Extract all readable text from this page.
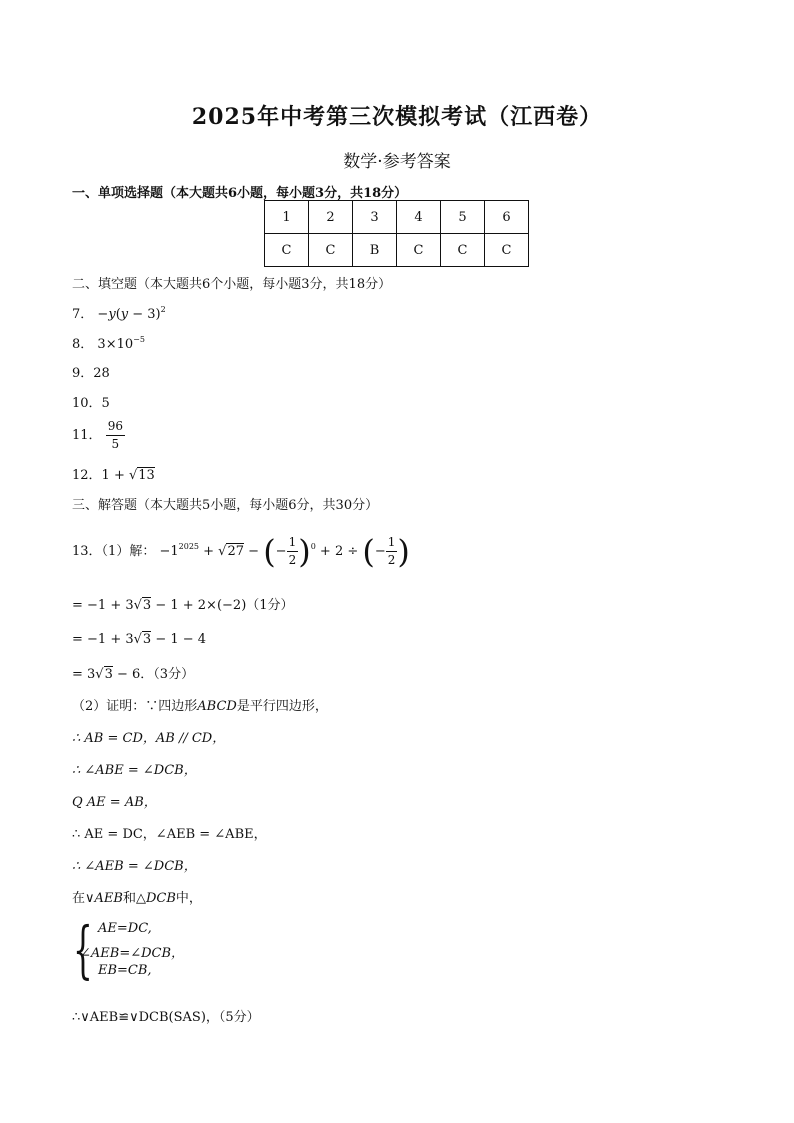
2025年中考第三次模拟考试（江西卷）
数学·参考答案
一、单项选择题（本大题共6小题，每小题3分，共18分）
1	2	3	4	5	6
C	C	B	C	C	C
二、填空题（本大题共6个小题，每小题3分，共18分）
7． $-y(y - 3)^2$
8． $3\times 10^{-5}$
9．28
10．5
11． $\frac{96}{5}$
12．1 + √13
三、解答题（本大题共5小题，每小题6分，共30分）
13．（1）解： $-1^{2025} + √27$ − (− $\frac{1}{2} )^0 + 2$ ÷ (− $\frac{1}{2}$ )
= −1 + 3√3 − 1 + 2×(−2)（1分）
= −1 + 3√3 − 1 − 4
= 3√3 − 6．（3分）
（2）证明：∵四边形ABCD是平行四边形，
∴ AB = CD，AB // CD，
∴ ∠ABE = ∠DCB，
Q AE = AB，
∴ AE = DC，∠AEB = ∠ABE，
∴ ∠AEB = ∠DCB，
在∨AEB和△DCB中，
{ AE=DC,
∠AEB=∠DCB，
EB=CB,
∴∨AEB≌∨DCB(SAS)，（5分）
